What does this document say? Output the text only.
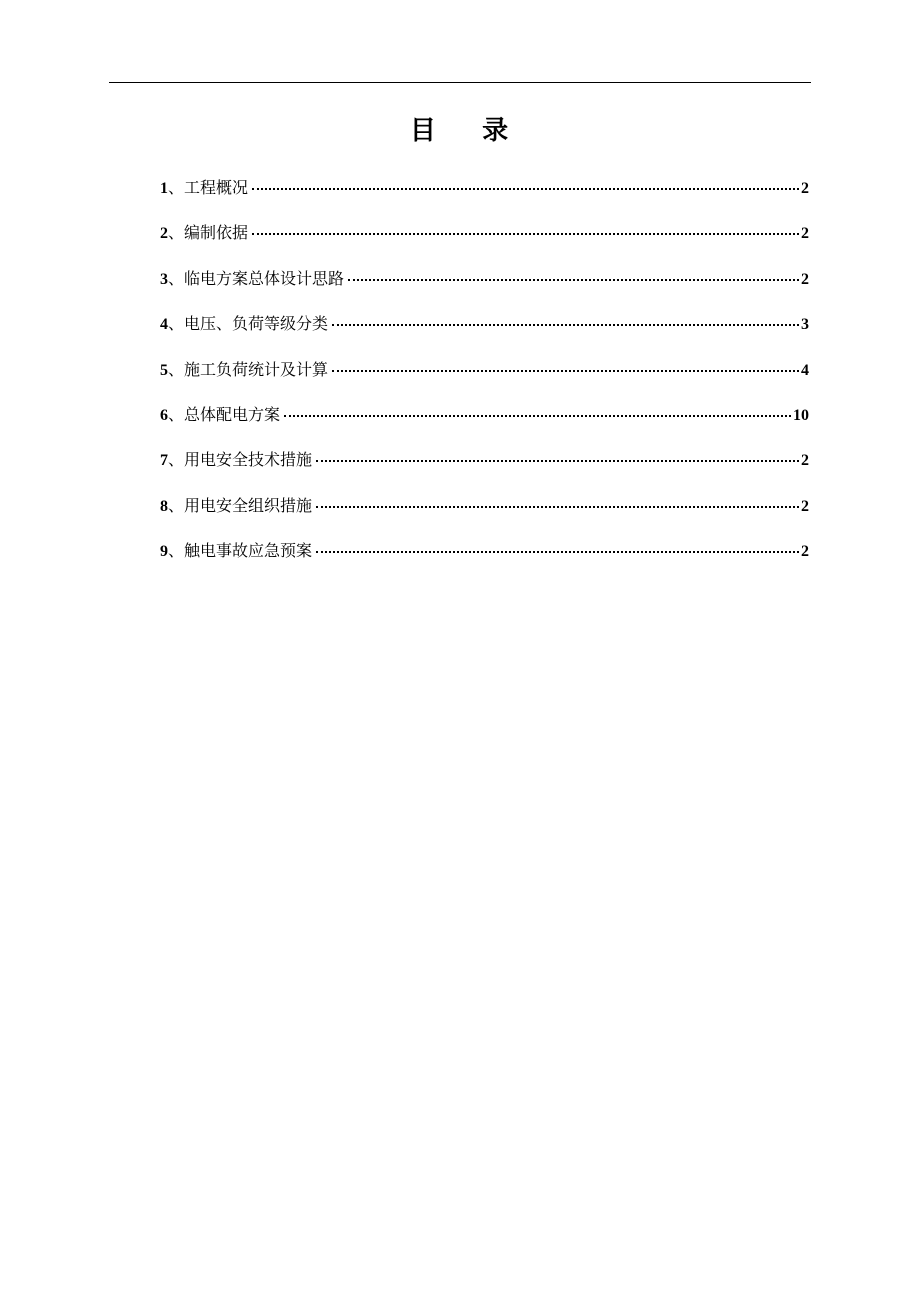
目    录
1 、 工程概况	2
2 、 编制依据	2
3 、 临电方案总体设计思路	2
4 、 电压、负荷等级分类	3
5 、 施工负荷统计及计算	4
6 、 总体配电方案	10
7 、 用电安全技术措施	2
8 、 用电安全组织措施	2
9 、 触电事故应急预案	2
